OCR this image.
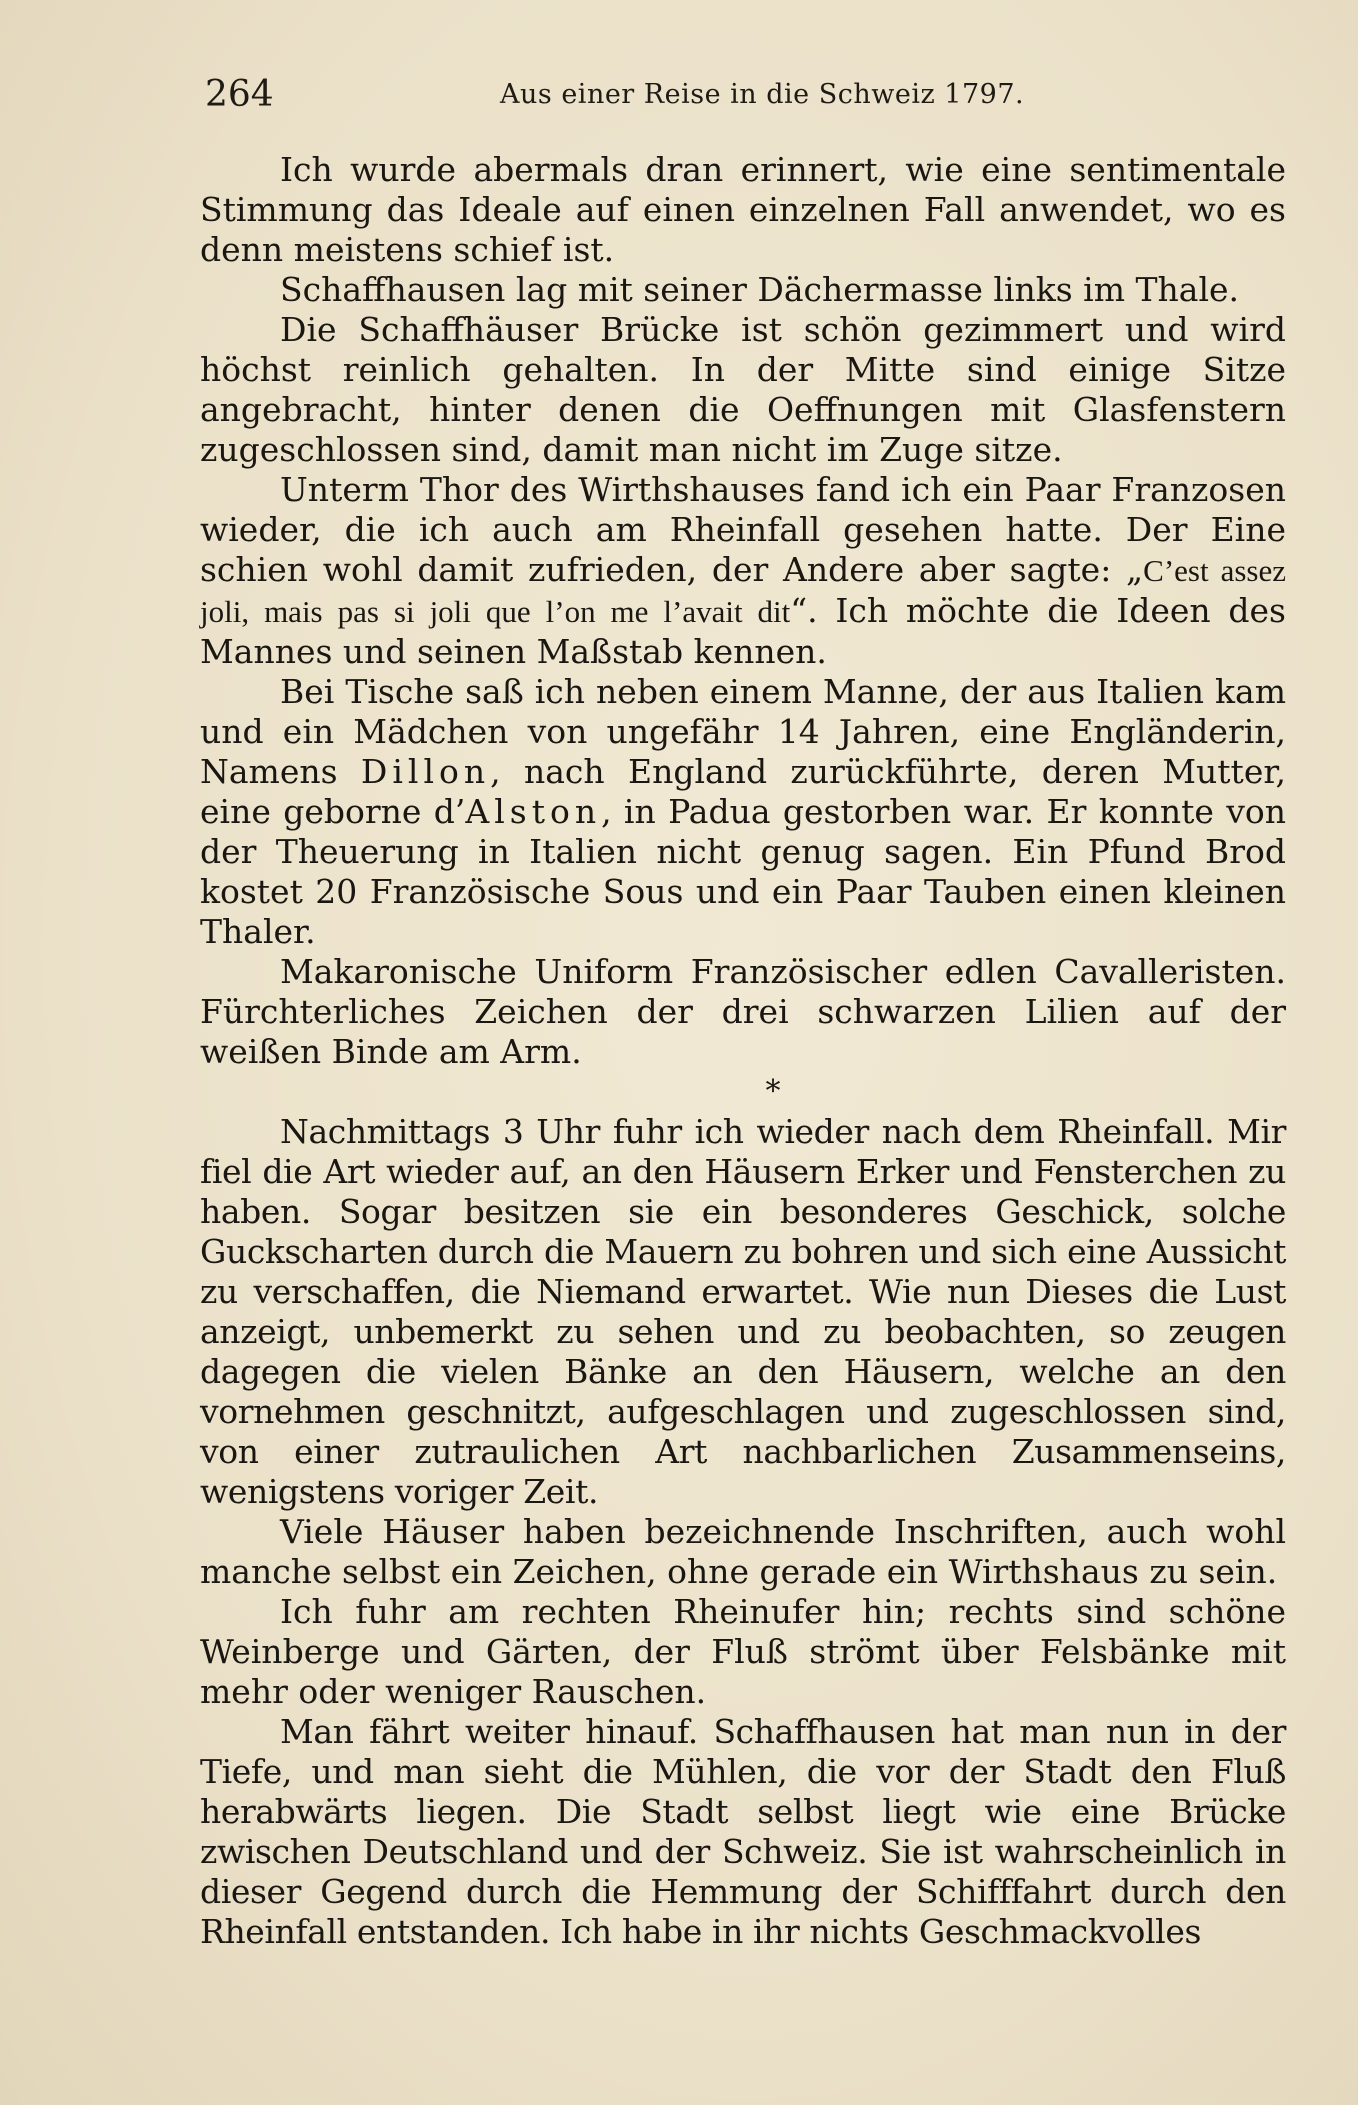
264	Aus einer Reise in die Schweiz 1797.

Ich wurde abermals dran erinnert, wie eine sentimentale Stimmung das Ideale auf einen einzelnen Fall anwendet, wo es denn meistens schief ist.

Schaffhausen lag mit seiner Dächermasse links im Thale.

Die Schaffhäuser Brücke ist schön gezimmert und wird höchst reinlich gehalten. In der Mitte sind einige Sitze angebracht, hinter denen die Oeffnungen mit Glasfenstern zugeschlossen sind, damit man nicht im Zuge sitze.

Unterm Thor des Wirthshauses fand ich ein Paar Franzosen wieder, die ich auch am Rheinfall gesehen hatte. Der Eine schien wohl damit zufrieden, der Andere aber sagte: „C’est assez joli, mais pas si joli que l’on me l’avait dit“. Ich möchte die Ideen des Mannes und seinen Maßstab kennen.

Bei Tische saß ich neben einem Manne, der aus Italien kam und ein Mädchen von ungefähr 14 Jahren, eine Engländerin, Namens Dillon, nach England zurückführte, deren Mutter, eine geborne d’Alston, in Padua gestorben war. Er konnte von der Theuerung in Italien nicht genug sagen. Ein Pfund Brod kostet 20 Französische Sous und ein Paar Tauben einen kleinen Thaler.

Makaronische Uniform Französischer edlen Cavalleristen. Fürchterliches Zeichen der drei schwarzen Lilien auf der weißen Binde am Arm.

*

Nachmittags 3 Uhr fuhr ich wieder nach dem Rheinfall. Mir fiel die Art wieder auf, an den Häusern Erker und Fensterchen zu haben. Sogar besitzen sie ein besonderes Geschick, solche Guckscharten durch die Mauern zu bohren und sich eine Aussicht zu verschaffen, die Niemand erwartet. Wie nun Dieses die Lust anzeigt, unbemerkt zu sehen und zu beobachten, so zeugen dagegen die vielen Bänke an den Häusern, welche an den vornehmen geschnitzt, aufgeschlagen und zugeschlossen sind, von einer zutraulichen Art nachbarlichen Zusammenseins, wenigstens voriger Zeit.

Viele Häuser haben bezeichnende Inschriften, auch wohl manche selbst ein Zeichen, ohne gerade ein Wirthshaus zu sein.

Ich fuhr am rechten Rheinufer hin; rechts sind schöne Weinberge und Gärten, der Fluß strömt über Felsbänke mit mehr oder weniger Rauschen.

Man fährt weiter hinauf. Schaffhausen hat man nun in der Tiefe, und man sieht die Mühlen, die vor der Stadt den Fluß herabwärts liegen. Die Stadt selbst liegt wie eine Brücke zwischen Deutschland und der Schweiz. Sie ist wahrscheinlich in dieser Gegend durch die Hemmung der Schifffahrt durch den Rheinfall entstanden. Ich habe in ihr nichts Geschmackvolles
